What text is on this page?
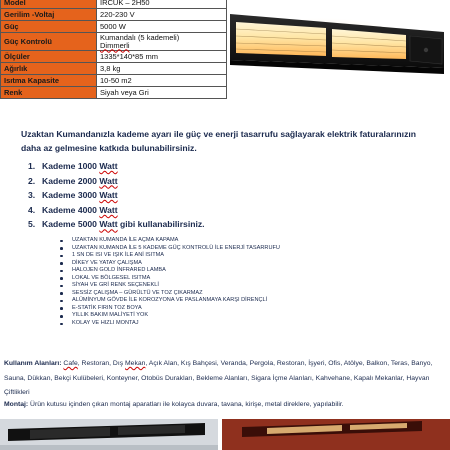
Model	IRCUK – 2H50
Gerilim -Voltaj	220-230 V
Güç	5000 W
Güç Kontrolü	Kumandalı (5 kademeli)
Dimmerli
Ölçüler	1335*140*85 mm
Ağırlık	3,8 kg
Isıtma Kapasite	10-50 m2
Renk	Siyah veya Gri
Uzaktan Kumandanızla kademe ayarı ile güç ve enerji tasarrufu sağlayarak elektrik faturalarınızın daha az gelmesine katkıda bulunabilirsiniz.
1. Kademe 1000 Watt
2. Kademe 2000 Watt
3. Kademe 3000 Watt
4. Kademe 4000 Watt
5. Kademe 5000 Watt gibi kullanabilirsiniz.
UZAKTAN KUMANDA İLE AÇMA KAPAMA
UZAKTAN KUMANDA İLE 5 KADEME GÜÇ KONTROLÜ İLE ENERJİ TASARRUFU
1 SN DE ISI VE IŞIK İLE ANİ ISITMA
DİKEY VE YATAY ÇALIŞMA
HALOJEN GOLD İNFRARED LAMBA
LOKAL VE BÖLGESEL ISITMA
SİYAH VE GRİ RENK SEÇENEKLİ
SESSİZ ÇALIŞMA – GÜRÜLTÜ VE TOZ ÇIKARMAZ
ALÜMİNYUM GÖVDE İLE KOROZYONA VE PASLANMAYA KARŞI DİRENÇLİ
E-STATİK FIRIN TOZ BOYA
YILLIK BAKIM MALİYETİ YOK
KOLAY VE HIZLI MONTAJ
Kullanım Alanları: Cafe, Restoran, Dış Mekan, Açık Alan, Kış Bahçesi, Veranda, Pergola, Restoran, İşyeri, Ofis, Atölye, Balkon, Teras, Banyo, Sauna, Dükkan, Bekçi Kulübeleri, Konteyner, Otobüs Durakları, Bekleme Alanları, Sigara İçme Alanları, Kahvehane, Kapalı Mekanlar, Hayvan Çiftlikleri
Montaj: Ürün kutusu içinden çıkan montaj aparatları ile kolayca duvara, tavana, kirişe, metal direklere, yapılabilir.
